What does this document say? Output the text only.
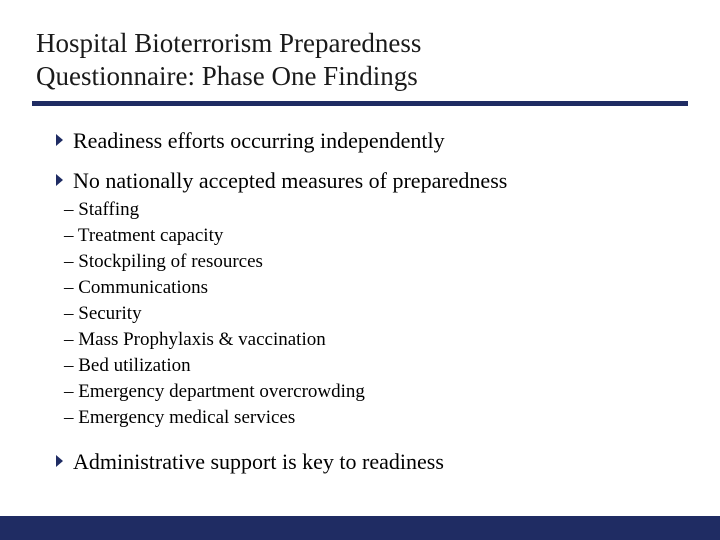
Hospital Bioterrorism Preparedness
Questionnaire: Phase One Findings
Readiness efforts occurring independently
No nationally accepted measures of preparedness
– Staffing
– Treatment capacity
– Stockpiling of resources
– Communications
– Security
– Mass Prophylaxis & vaccination
– Bed utilization
– Emergency department overcrowding
– Emergency medical services
Administrative support is key to readiness
